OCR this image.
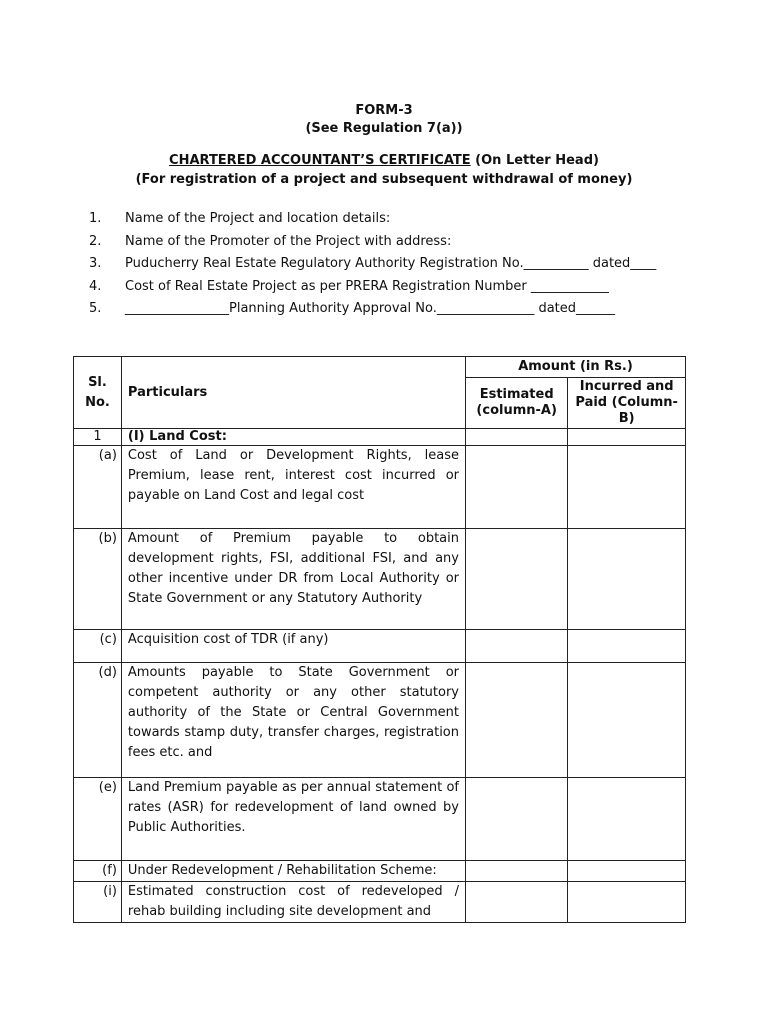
FORM-3
(See Regulation 7(a))
CHARTERED ACCOUNTANT’S CERTIFICATE (On Letter Head)
(For registration of a project and subsequent withdrawal of money)
1.	Name of the Project and location details:
2.	Name of the Promoter of the Project with address:
3.	Puducherry Real Estate Regulatory Authority Registration No.__________ dated____
4.	Cost of Real Estate Project as per PRERA Registration Number ____________
5.	________________Planning Authority Approval No._______________ dated______
Sl. No.	Particulars	Amount (in Rs.)	
		Estimated (column-A)	Incurred and Paid (Column-B)
1	(I) Land Cost:		
(a)	Cost of Land or Development Rights, lease Premium, lease rent, interest cost incurred or payable on Land Cost and legal cost		
(b)	Amount of Premium payable to obtain development rights, FSI, additional FSI, and any other incentive under DR from Local Authority or State Government or any Statutory Authority		
(c)	Acquisition cost of TDR (if any)		
(d)	Amounts payable to State Government or competent authority or any other statutory authority of the State or Central Government towards stamp duty, transfer charges, registration fees etc. and		
(e)	Land Premium payable as per annual statement of rates (ASR) for redevelopment of land owned by Public Authorities.		
(f)	Under Redevelopment / Rehabilitation Scheme:		
(i)	Estimated construction cost of redeveloped / rehab building including site development and		
